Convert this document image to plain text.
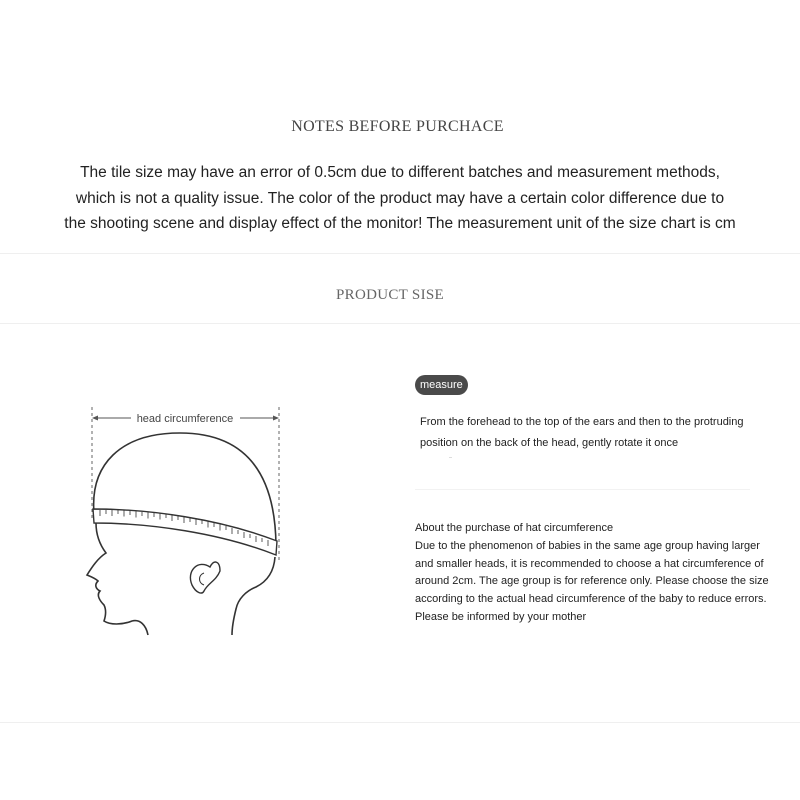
NOTES BEFORE PURCHACE
The tile size may have an error of 0.5cm due to different batches and measurement methods,
which is not a quality issue. The color of the product may have a certain color difference due to
the shooting scene and display effect of the monitor! The measurement unit of the size chart is cm
PRODUCT SISE
head circumference
measure
From the forehead to the top of the ears and then to the protruding
position on the back of the head, gently rotate it once
About the purchase of hat circumference
Due to the phenomenon of babies in the same age group having larger
and smaller heads, it is recommended to choose a hat circumference of
around 2cm. The age group is for reference only. Please choose the size
according to the actual head circumference of the baby to reduce errors.
Please be informed by your mother
